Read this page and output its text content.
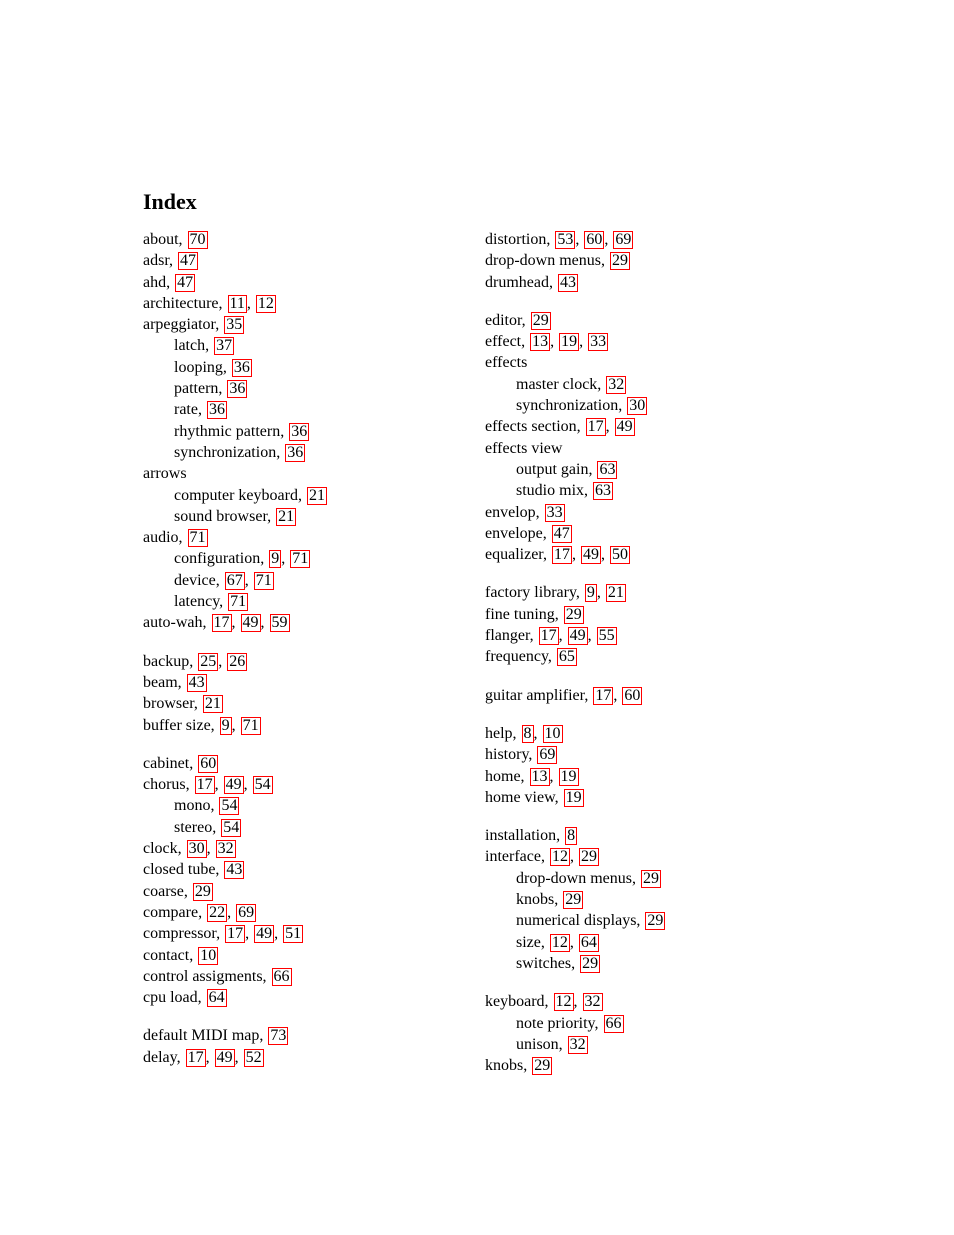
Index
about, 70
adsr, 47
ahd, 47
architecture, 11 , 12
arpeggiator, 35
latch, 37
looping, 36
pattern, 36
rate, 36
rhythmic pattern, 36
synchronization, 36
arrows
computer keyboard, 21
sound browser, 21
audio, 71
configuration, 9 , 71
device, 67 , 71
latency, 71
auto-wah, 17 , 49 , 59
backup, 25 , 26
beam, 43
browser, 21
buffer size, 9 , 71
cabinet, 60
chorus, 17 , 49 , 54
mono, 54
stereo, 54
clock, 30 , 32
closed tube, 43
coarse, 29
compare, 22 , 69
compressor, 17 , 49 , 51
contact, 10
control assigments, 66
cpu load, 64
default MIDI map, 73
delay, 17 , 49 , 52
distortion, 53 , 60 , 69
drop-down menus, 29
drumhead, 43
editor, 29
effect, 13 , 19 , 33
effects
master clock, 32
synchronization, 30
effects section, 17 , 49
effects view
output gain, 63
studio mix, 63
envelop, 33
envelope, 47
equalizer, 17 , 49 , 50
factory library, 9 , 21
fine tuning, 29
flanger, 17 , 49 , 55
frequency, 65
guitar amplifier, 17 , 60
help, 8 , 10
history, 69
home, 13 , 19
home view, 19
installation, 8
interface, 12 , 29
drop-down menus, 29
knobs, 29
numerical displays, 29
size, 12 , 64
switches, 29
keyboard, 12 , 32
note priority, 66
unison, 32
knobs, 29
